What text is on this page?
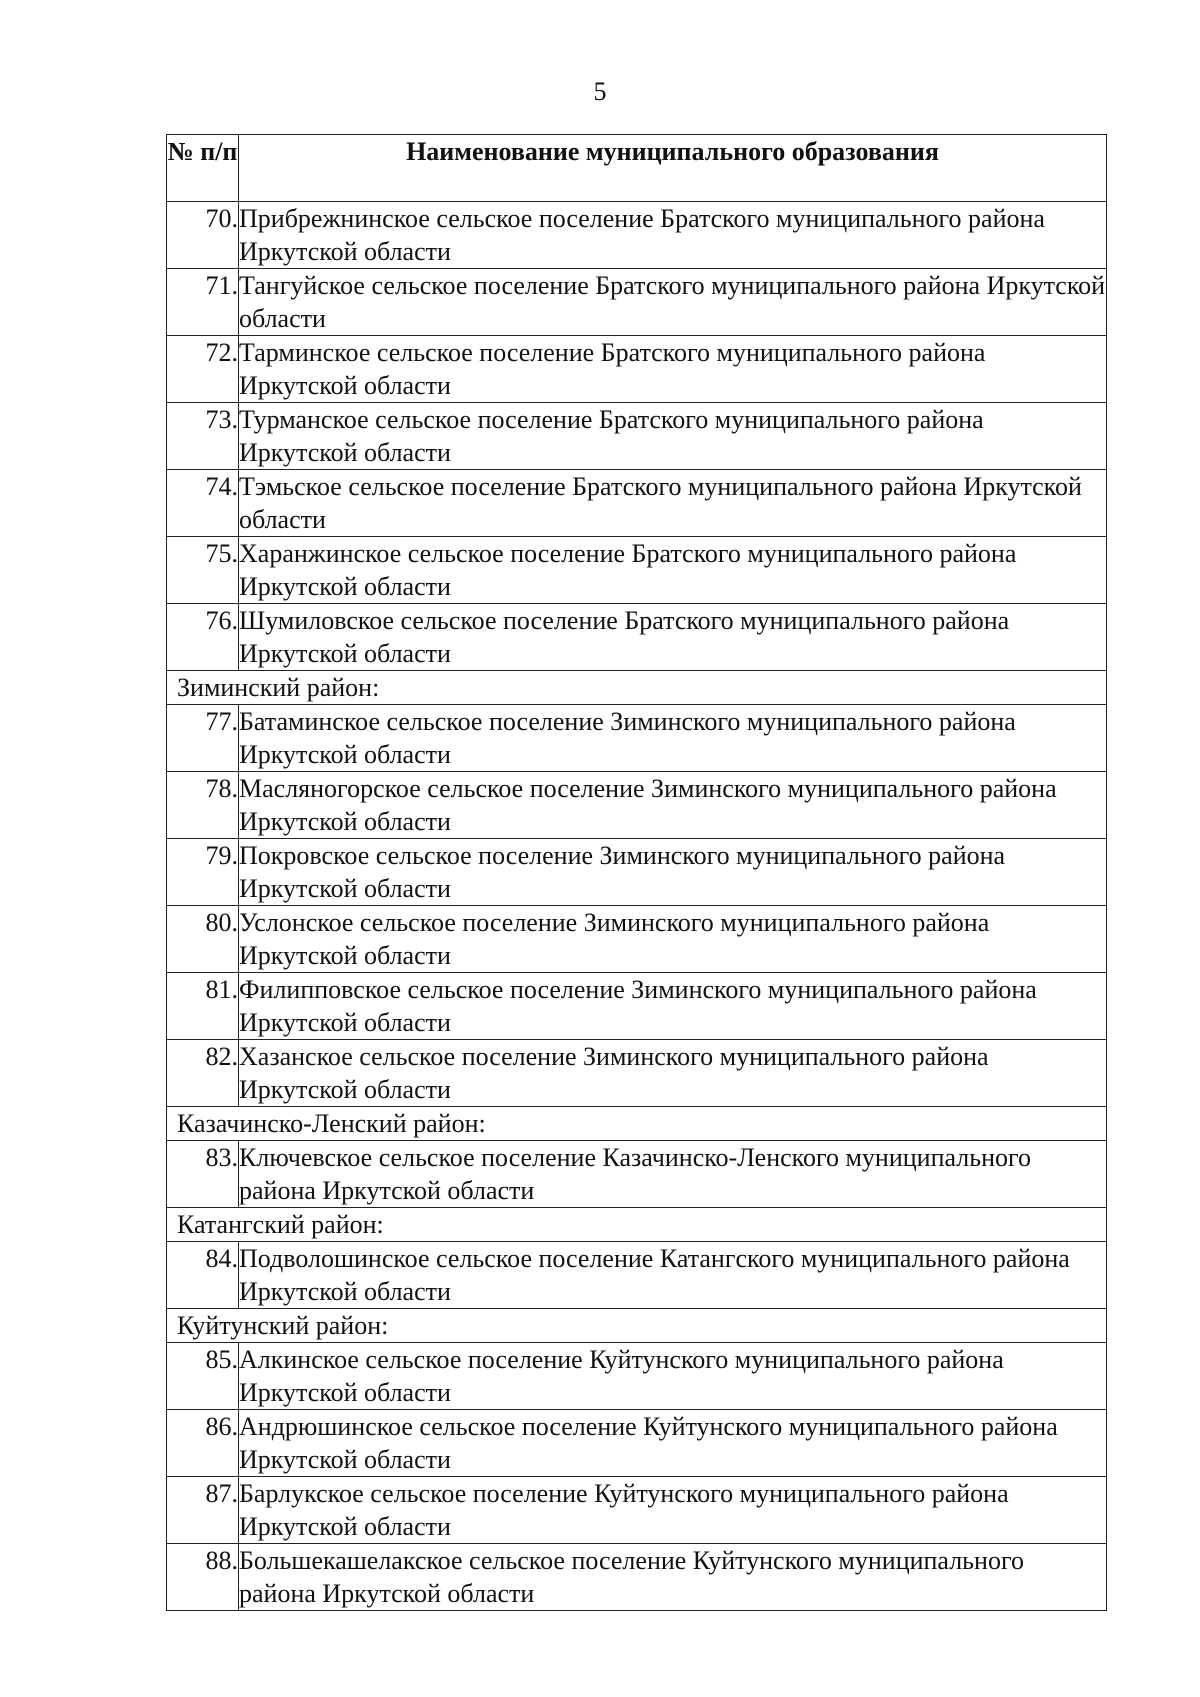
5
№ п/п	Наименование муниципального образования
70.	Прибрежнинское сельское поселение Братского муниципального района Иркутской области
71.	Тангуйское сельское поселение Братского муниципального района Иркутской области
72.	Тарминское сельское поселение Братского муниципального района Иркутской области
73.	Турманское сельское поселение Братского муниципального района Иркутской области
74.	Тэмьское сельское поселение Братского муниципального района Иркутской области
75.	Харанжинское сельское поселение Братского муниципального района Иркутской области
76.	Шумиловское сельское поселение Братского муниципального района Иркутской области
Зиминский район:	
77.	Батаминское сельское поселение Зиминского муниципального района Иркутской области
78.	Масляногорское сельское поселение Зиминского муниципального района Иркутской области
79.	Покровское сельское поселение Зиминского муниципального района Иркутской области
80.	Услонское сельское поселение Зиминского муниципального района Иркутской области
81.	Филипповское сельское поселение Зиминского муниципального района Иркутской области
82.	Хазанское сельское поселение Зиминского муниципального района Иркутской области
Казачинско-Ленский район:	
83.	Ключевское сельское поселение Казачинско-Ленского муниципального района Иркутской области
Катангский район:	
84.	Подволошинское сельское поселение Катангского муниципального района Иркутской области
Куйтунский район:	
85.	Алкинское сельское поселение Куйтунского муниципального района Иркутской области
86.	Андрюшинское сельское поселение Куйтунского муниципального района Иркутской области
87.	Барлукское сельское поселение Куйтунского муниципального района Иркутской области
88.	Большекашелакское сельское поселение Куйтунского муниципального района Иркутской области
